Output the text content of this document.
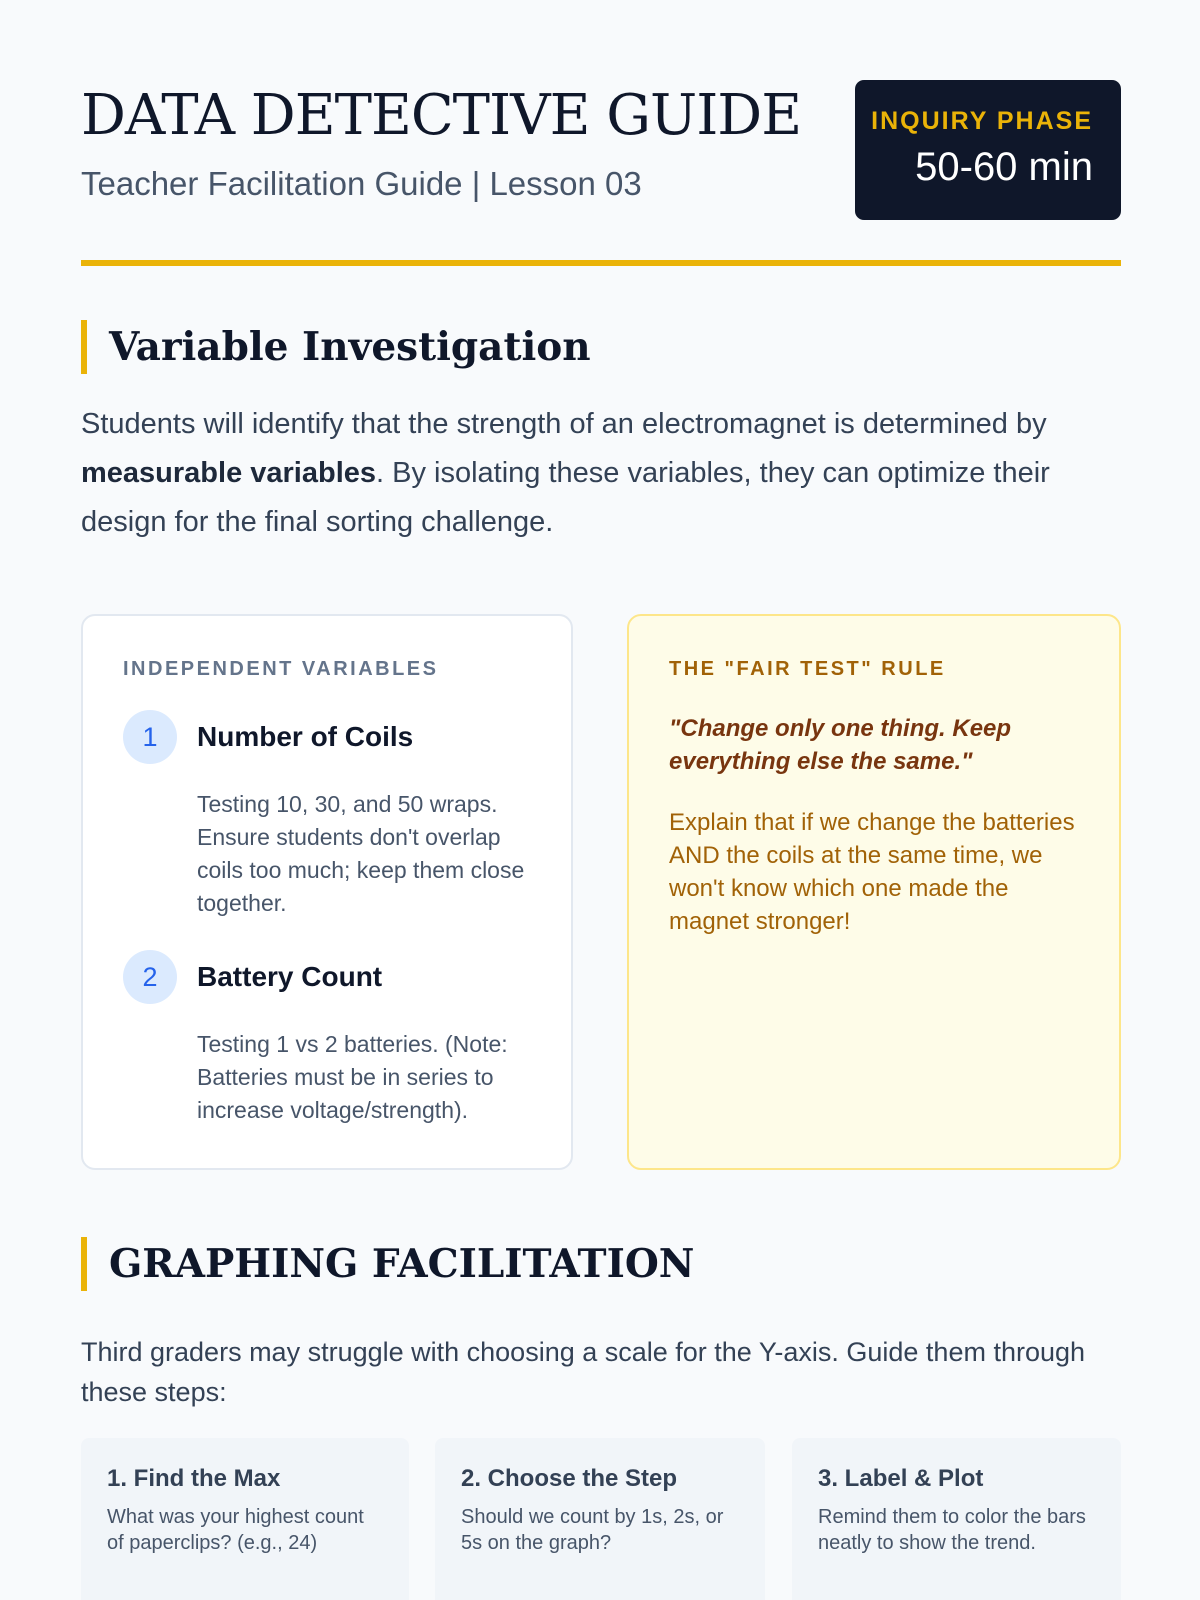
DATA DETECTIVE GUIDE
Teacher Facilitation Guide | Lesson 03
INQUIRY PHASE
50-60 min
Variable Investigation

Students will identify that the strength of an electromagnet is determined by measurable variables. By isolating these variables, they can optimize their design for the final sorting challenge.

INDEPENDENT VARIABLES
1	Number of Coils
Testing 10, 30, and 50 wraps. Ensure students don't overlap coils too much; keep them close together.
2	Battery Count
Testing 1 vs 2 batteries. (Note: Batteries must be in series to increase voltage/strength).
THE "FAIR TEST" RULE
"Change only one thing. Keep everything else the same."
Explain that if we change the batteries AND the coils at the same time, we won't know which one made the magnet stronger!
GRAPHING FACILITATION

Third graders may struggle with choosing a scale for the Y-axis. Guide them through these steps:

1. Find the Max
What was your highest count of paperclips? (e.g., 24)
2. Choose the Step
Should we count by 1s, 2s, or 5s on the graph?
3. Label & Plot
Remind them to color the bars neatly to show the trend.
